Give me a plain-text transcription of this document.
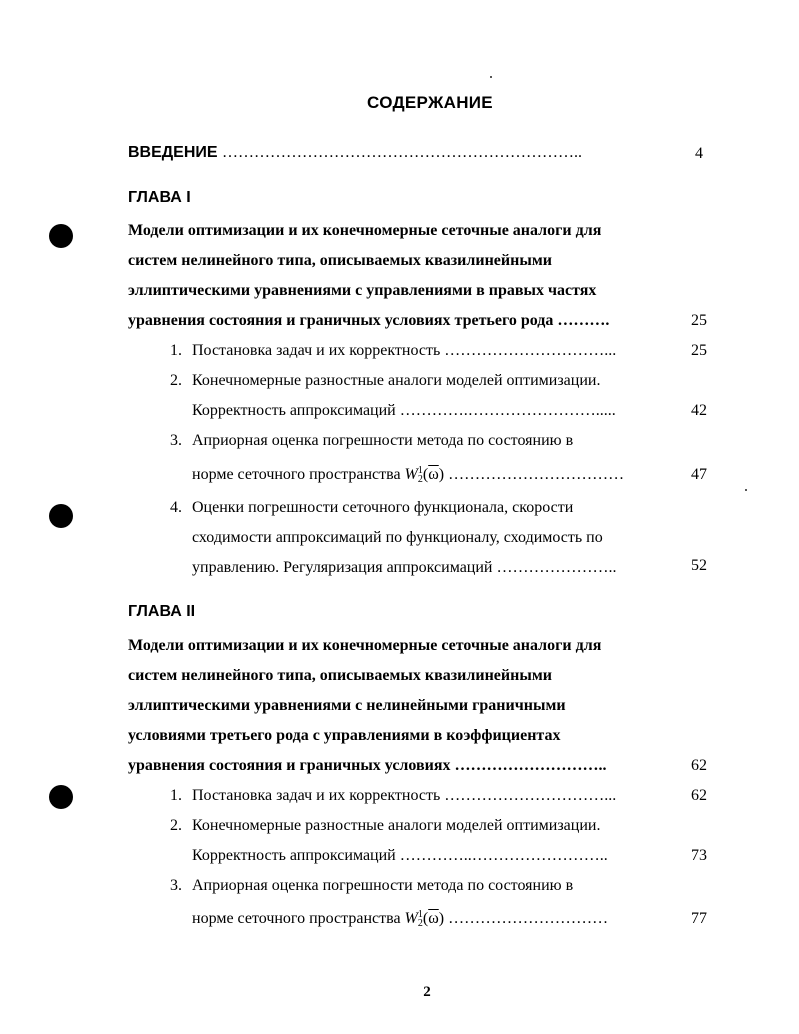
СОДЕРЖАНИЕ
ВВЕДЕНИЕ …………………………………………………………..	4
ГЛАВА I
Модели оптимизации и их конечномерные сеточные аналоги для
систем нелинейного типа, описываемых квазилинейными
эллиптическими уравнениями с управлениями в правых частях
уравнения состояния и граничных условиях третьего рода ……….	25
1. Постановка задач и их корректность …………………………...	25
2. Конечномерные разностные аналоги моделей оптимизации.
Корректность аппроксимаций ………….…………………….....	42
3. Априорная оценка погрешности метода по состоянию в
норме сеточного пространства W1
$2(\overline{\omega})$ ……………………………	47
4. Оценки погрешности сеточного функционала, скорости
сходимости аппроксимаций по функционалу, сходимость по
управлению. Регуляризация аппроксимаций …………………..	52
ГЛАВА II
Модели оптимизации и их конечномерные сеточные аналоги для
систем нелинейного типа, описываемых квазилинейными
эллиптическими уравнениями с нелинейными граничными
условиями третьего рода с управлениями в коэффициентах
уравнения состояния и граничных условиях ………………………..	62
1. Постановка задач и их корректность …………………………...	62
2. Конечномерные разностные аналоги моделей оптимизации.
Корректность аппроксимаций …………..……………………..	73
3. Априорная оценка погрешности метода по состоянию в
норме сеточного пространства W1
$2(\overline{\omega})$ …………………………	77
2
